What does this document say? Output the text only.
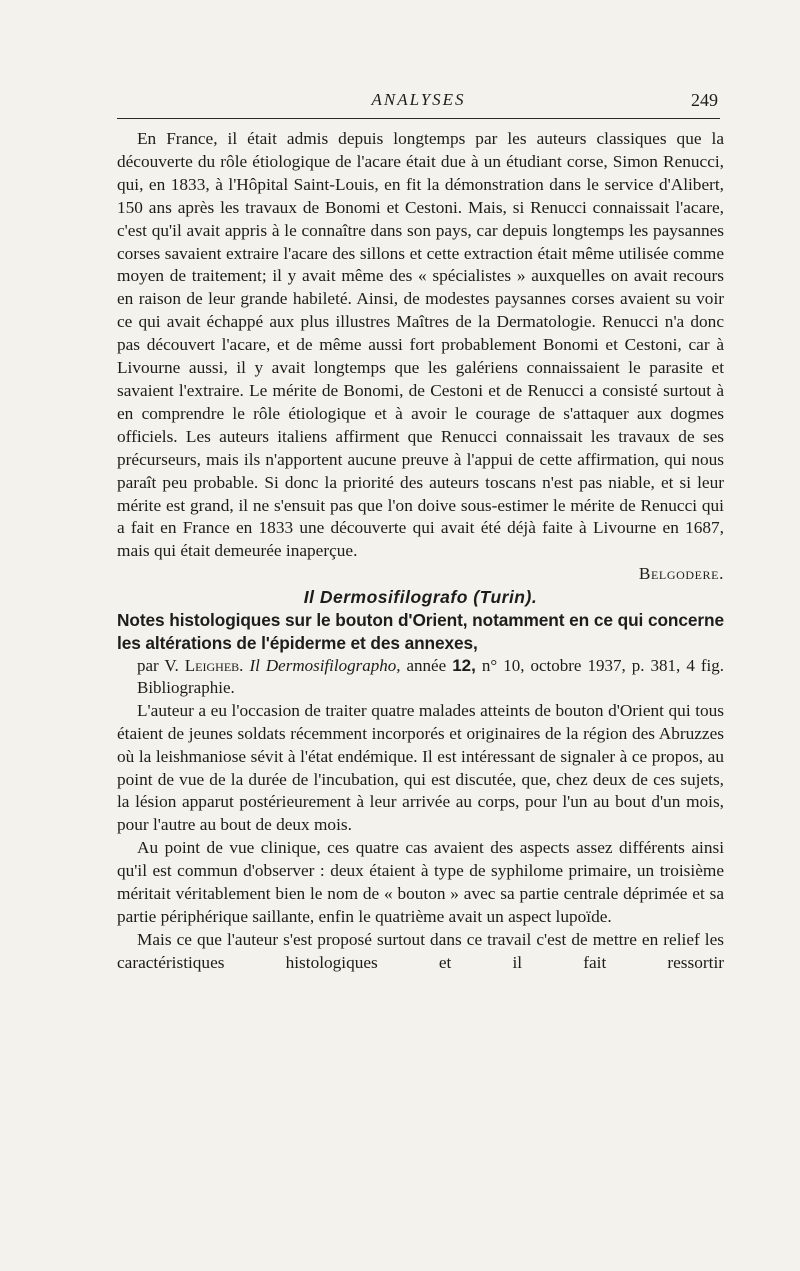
ANALYSES	249

En France, il était admis depuis longtemps par les auteurs classiques que la découverte du rôle étiologique de l'acare était due à un étudiant corse, Simon Renucci, qui, en 1833, à l'Hôpital Saint-Louis, en fit la démonstration dans le service d'Alibert, 150 ans après les travaux de Bonomi et Cestoni. Mais, si Renucci connaissait l'acare, c'est qu'il avait appris à le connaître dans son pays, car depuis longtemps les paysannes corses savaient extraire l'acare des sillons et cette extraction était même utilisée comme moyen de traitement; il y avait même des « spécialistes » auxquelles on avait recours en raison de leur grande habileté. Ainsi, de modestes paysannes corses avaient su voir ce qui avait échappé aux plus illustres Maîtres de la Dermatologie. Renucci n'a donc pas découvert l'acare, et de même aussi fort probablement Bonomi et Cestoni, car à Livourne aussi, il y avait longtemps que les galériens connaissaient le parasite et savaient l'extraire. Le mérite de Bonomi, de Cestoni et de Renucci a consisté surtout à en comprendre le rôle étiologique et à avoir le courage de s'attaquer aux dogmes officiels. Les auteurs italiens affirment que Renucci connaissait les travaux de ses précurseurs, mais ils n'apportent aucune preuve à l'appui de cette affirmation, qui nous paraît peu probable. Si donc la priorité des auteurs toscans n'est pas niable, et si leur mérite est grand, il ne s'ensuit pas que l'on doive sous-estimer le mérite de Renucci qui a fait en France en 1833 une découverte qui avait été déjà faite à Livourne en 1687, mais qui était demeurée inaperçue.

Belgodere.

Il Dermosifilografo (Turin).

Notes histologiques sur le bouton d'Orient, notamment en ce qui concerne les altérations de l'épiderme et des annexes,

par V. Leigheb. Il Dermosifilographo, année 12, n° 10, octobre 1937, p. 381, 4 fig. Bibliographie.

L'auteur a eu l'occasion de traiter quatre malades atteints de bouton d'Orient qui tous étaient de jeunes soldats récemment incorporés et originaires de la région des Abruzzes où la leishmaniose sévit à l'état endémique. Il est intéressant de signaler à ce propos, au point de vue de la durée de l'incubation, qui est discutée, que, chez deux de ces sujets, la lésion apparut postérieurement à leur arrivée au corps, pour l'un au bout d'un mois, pour l'autre au bout de deux mois.

Au point de vue clinique, ces quatre cas avaient des aspects assez différents ainsi qu'il est commun d'observer : deux étaient à type de syphilome primaire, un troisième méritait véritablement bien le nom de « bouton » avec sa partie centrale déprimée et sa partie périphérique saillante, enfin le quatrième avait un aspect lupoïde.

Mais ce que l'auteur s'est proposé surtout dans ce travail c'est de mettre en relief les caractéristiques histologiques et il fait ressortir
